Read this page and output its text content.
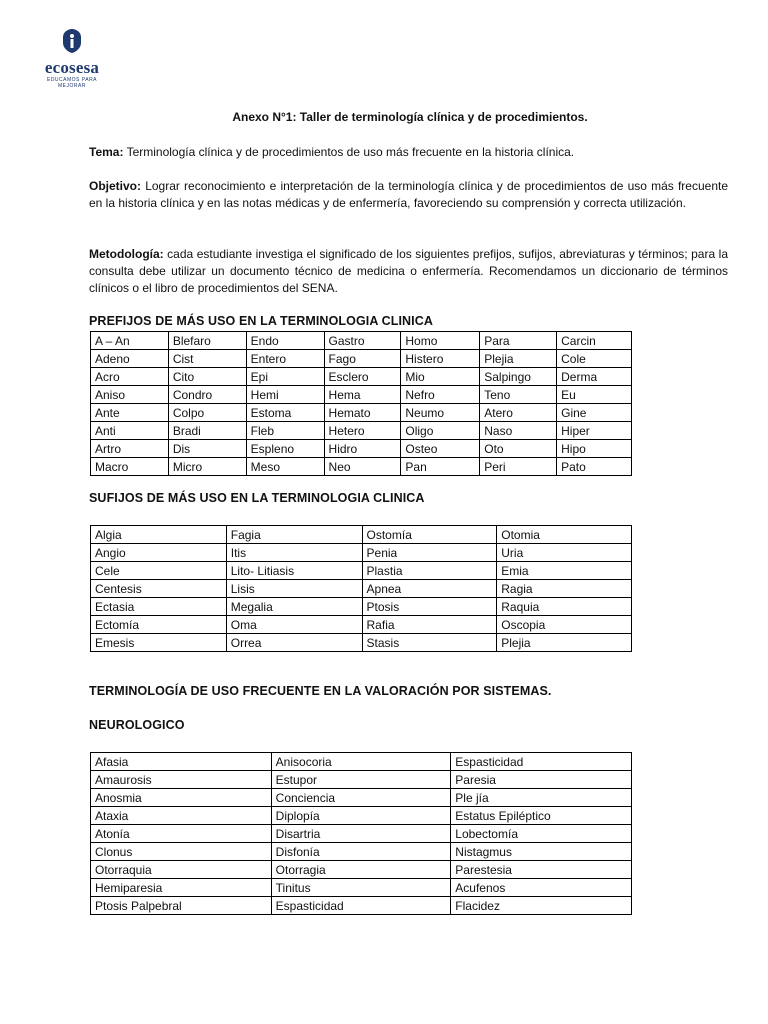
ecosesa
EDUCAMOS PARA MEJORAR
Anexo N°1: Taller de terminología clínica y de procedimientos.
Tema: Terminología clínica y de procedimientos de uso más frecuente en la historia clínica.
Objetivo: Lograr reconocimiento e interpretación de la terminología clínica y de procedimientos de uso más frecuente en la historia clínica y en las notas médicas y de enfermería, favoreciendo su comprensión y correcta utilización.
Metodología: cada estudiante investiga el significado de los siguientes prefijos, sufijos, abreviaturas y términos; para la consulta debe utilizar un documento técnico de medicina o enfermería. Recomendamos un diccionario de términos clínicos o el libro de procedimientos del SENA.
PREFIJOS DE MÁS USO EN LA TERMINOLOGIA CLINICA
A – An	Blefaro	Endo	Gastro	Homo	Para	Carcin
Adeno	Cist	Entero	Fago	Histero	Plejia	Cole
Acro	Cito	Epi	Esclero	Mio	Salpingo	Derma
Aniso	Condro	Hemi	Hema	Nefro	Teno	Eu
Ante	Colpo	Estoma	Hemato	Neumo	Atero	Gine
Anti	Bradi	Fleb	Hetero	Oligo	Naso	Hiper
Artro	Dis	Espleno	Hidro	Osteo	Oto	Hipo
Macro	Micro	Meso	Neo	Pan	Peri	Pato
SUFIJOS DE MÁS USO EN LA TERMINOLOGIA CLINICA
Algia	Fagia	Ostomía	Otomia
Angio	Itis	Penia	Uria
Cele	Lito- Litiasis	Plastia	Emia
Centesis	Lisis	Apnea	Ragia
Ectasia	Megalia	Ptosis	Raquia
Ectomía	Oma	Rafia	Oscopia
Emesis	Orrea	Stasis	Plejia
TERMINOLOGÍA DE USO FRECUENTE EN LA VALORACIÓN POR SISTEMAS.
NEUROLOGICO
Afasia	Anisocoria	Espasticidad
Amaurosis	Estupor	Paresia
Anosmia	Conciencia	Ple jía
Ataxia	Diplopía	Estatus Epiléptico
Atonía	Disartria	Lobectomía
Clonus	Disfonía	Nistagmus
Otorraquia	Otorragia	Parestesia
Hemiparesia	Tinitus	Acufenos
Ptosis Palpebral	Espasticidad	Flacidez
